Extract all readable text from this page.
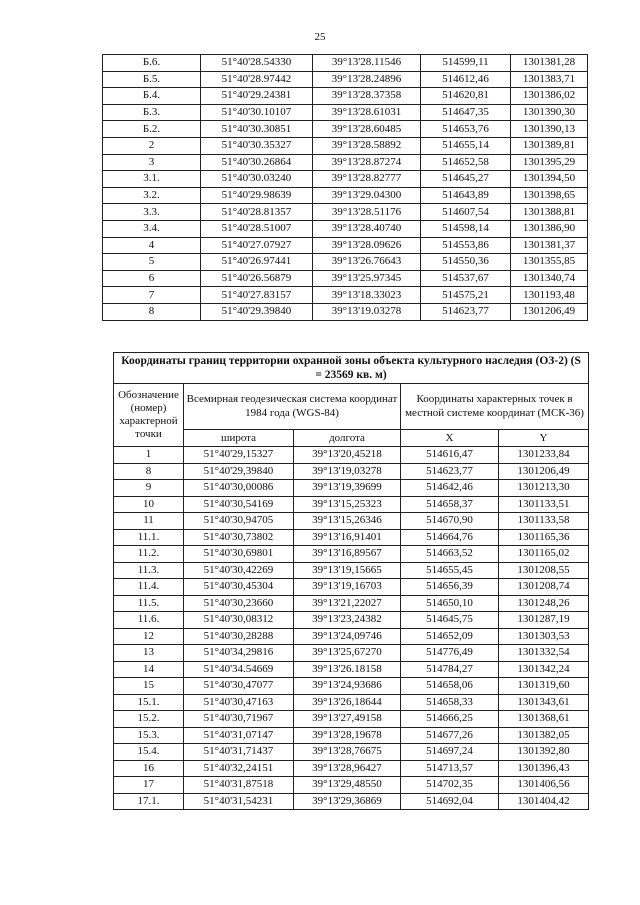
25
Б.6.	51°40'28.54330	39°13'28.11546	514599,11	1301381,28
Б.5.	51°40'28.97442	39°13'28.24896	514612,46	1301383,71
Б.4.	51°40'29.24381	39°13'28.37358	514620,81	1301386,02
Б.3.	51°40'30.10107	39°13'28.61031	514647,35	1301390,30
Б.2.	51°40'30.30851	39°13'28.60485	514653,76	1301390,13
2	51°40'30.35327	39°13'28.58892	514655,14	1301389,81
3	51°40'30.26864	39°13'28.87274	514652,58	1301395,29
3.1.	51°40'30.03240	39°13'28.82777	514645,27	1301394,50
3.2.	51°40'29.98639	39°13'29.04300	514643,89	1301398,65
3.3.	51°40'28.81357	39°13'28.51176	514607,54	1301388,81
3.4.	51°40'28.51007	39°13'28.40740	514598,14	1301386,90
4	51°40'27.07927	39°13'28.09626	514553,86	1301381,37
5	51°40'26.97441	39°13'26.76643	514550,36	1301355,85
6	51°40'26.56879	39°13'25.97345	514537,67	1301340,74
7	51°40'27.83157	39°13'18.33023	514575,21	1301193,48
8	51°40'29.39840	39°13'19.03278	514623,77	1301206,49
Координаты границ территории охранной зоны объекта культурного наследия (ОЗ-2) (S = 23569 кв. м)				
Обозначение (номер) характерной точки	Всемирная геодезическая система координат 1984 года (WGS-84)		Координаты характерных точек в местной системе координат (МСК-36)	
	широта	долгота	X	Y
1	51°40'29,15327	39°13'20,45218	514616,47	1301233,84
8	51°40'29,39840	39°13'19,03278	514623,77	1301206,49
9	51°40'30,00086	39°13'19,39699	514642,46	1301213,30
10	51°40'30,54169	39°13'15,25323	514658,37	1301133,51
11	51°40'30,94705	39°13'15,26346	514670,90	1301133,58
11.1.	51°40'30,73802	39°13'16,91401	514664,76	1301165,36
11.2.	51°40'30,69801	39°13'16,89567	514663,52	1301165,02
11.3.	51°40'30,42269	39°13'19,15665	514655,45	1301208,55
11.4.	51°40'30,45304	39°13'19,16703	514656,39	1301208,74
11.5.	51°40'30,23660	39°13'21,22027	514650,10	1301248,26
11.6.	51°40'30,08312	39°13'23,24382	514645,75	1301287,19
12	51°40'30,28288	39°13'24,09746	514652,09	1301303,53
13	51°40'34,29816	39°13'25,67270	514776,49	1301332,54
14	51°40'34.54669	39°13'26.18158	514784,27	1301342,24
15	51°40'30,47077	39°13'24,93686	514658,06	1301319,60
15.1.	51°40'30,47163	39°13'26,18644	514658,33	1301343,61
15.2.	51°40'30,71967	39°13'27,49158	514666,25	1301368,61
15.3.	51°40'31,07147	39°13'28,19678	514677,26	1301382,05
15.4.	51°40'31,71437	39°13'28,76675	514697,24	1301392,80
16	51°40'32,24151	39°13'28,96427	514713,57	1301396,43
17	51°40'31,87518	39°13'29,48550	514702,35	1301406,56
17.1.	51°40'31,54231	39°13'29,36869	514692,04	1301404,42
